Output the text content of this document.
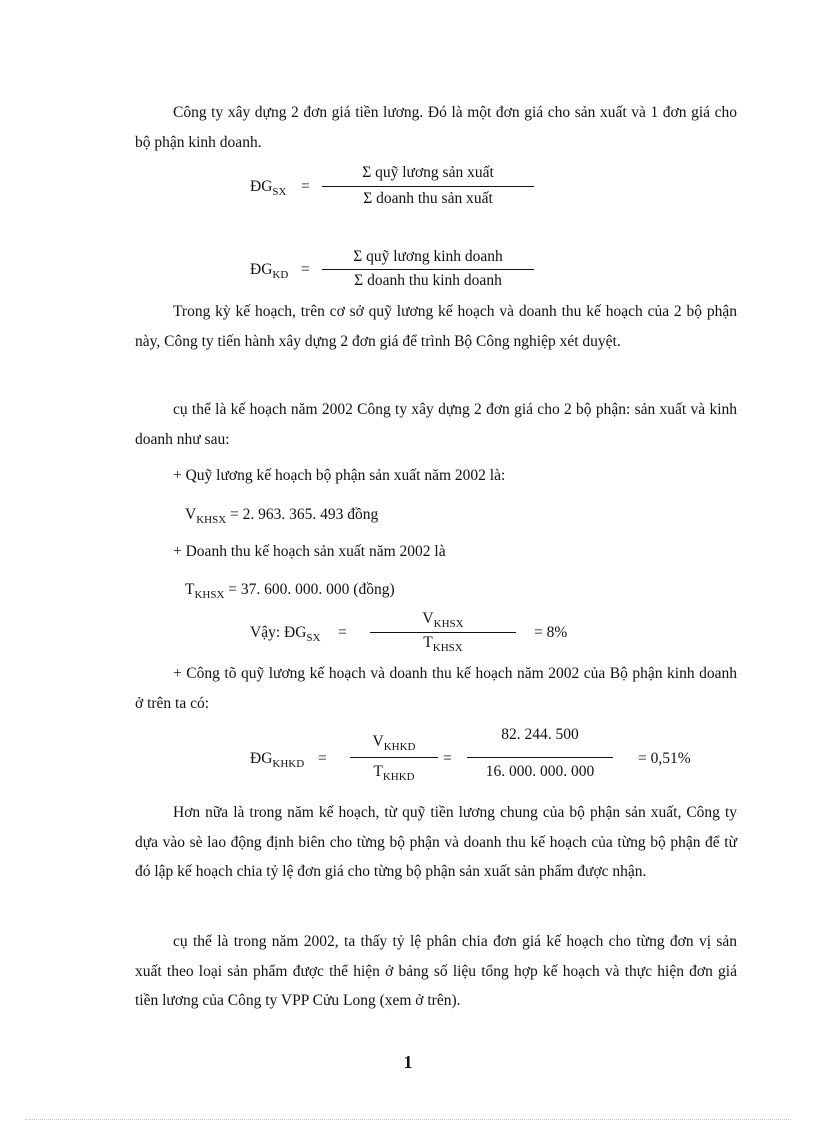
Công ty xây dựng 2 đơn giá tiền lương. Đó là một đơn giá cho sản xuất và 1 đơn giá cho bộ phận kinh doanh.
$ĐG_{SX}$ =
Σ quỹ lương sản xuất
Σ doanh thu sản xuất
$ĐG_{KD}$ =
Σ quỹ lương kinh doanh
Σ doanh thu kinh doanh
Trong kỳ kế hoạch, trên cơ sở quỹ lương kế hoạch và doanh thu kế hoạch của 2 bộ phận này, Công ty tiến hành xây dựng 2 đơn giá để trình Bộ Công nghiệp xét duyệt.
cụ thể là kế hoạch năm 2002 Công ty xây dựng 2 đơn giá cho 2 bộ phận: sản xuất và kinh doanh như sau:
+ Quỹ lương kế hoạch bộ phận sản xuất năm 2002 là:
$V_{KHSX} = 2$. 963. 365. 493 đồng
+ Doanh thu kế hoạch sản xuất năm 2002 là
$T_{KHSX} = 37$. 600. 000. 000 (đồng)
Vậy: $ĐG_{SX}$ =
$V_{KHSX}$
$T_{KHSX}$
= 8%
+ Công tõ quỹ lương kế hoạch và doanh thu kế hoạch năm 2002 của Bộ phận kinh doanh ở trên ta có:
$ĐG_{KHKD}$ =
$V_{KHKD}$
$T_{KHKD}$
=
82. 244. 500
16. 000. 000. 000
= 0,51%
Hơn nữa là trong năm kế hoạch, từ quỹ tiền lương chung của bộ phận sản xuất, Công ty dựa vào sè lao động định biên cho từng bộ phận và doanh thu kế hoạch của từng bộ phận để từ đó lập kế hoạch chia tỷ lệ đơn giá cho từng bộ phận sản xuất sản phẩm được nhận.
cụ thể là trong năm 2002, ta thấy tỷ lệ phân chia đơn giá kế hoạch cho từng đơn vị sản xuất theo loại sản phẩm được thể hiện ở bảng số liệu tổng hợp kế hoạch và thực hiện đơn giá tiền lương của Công ty VPP Cửu Long (xem ở trên).
1
